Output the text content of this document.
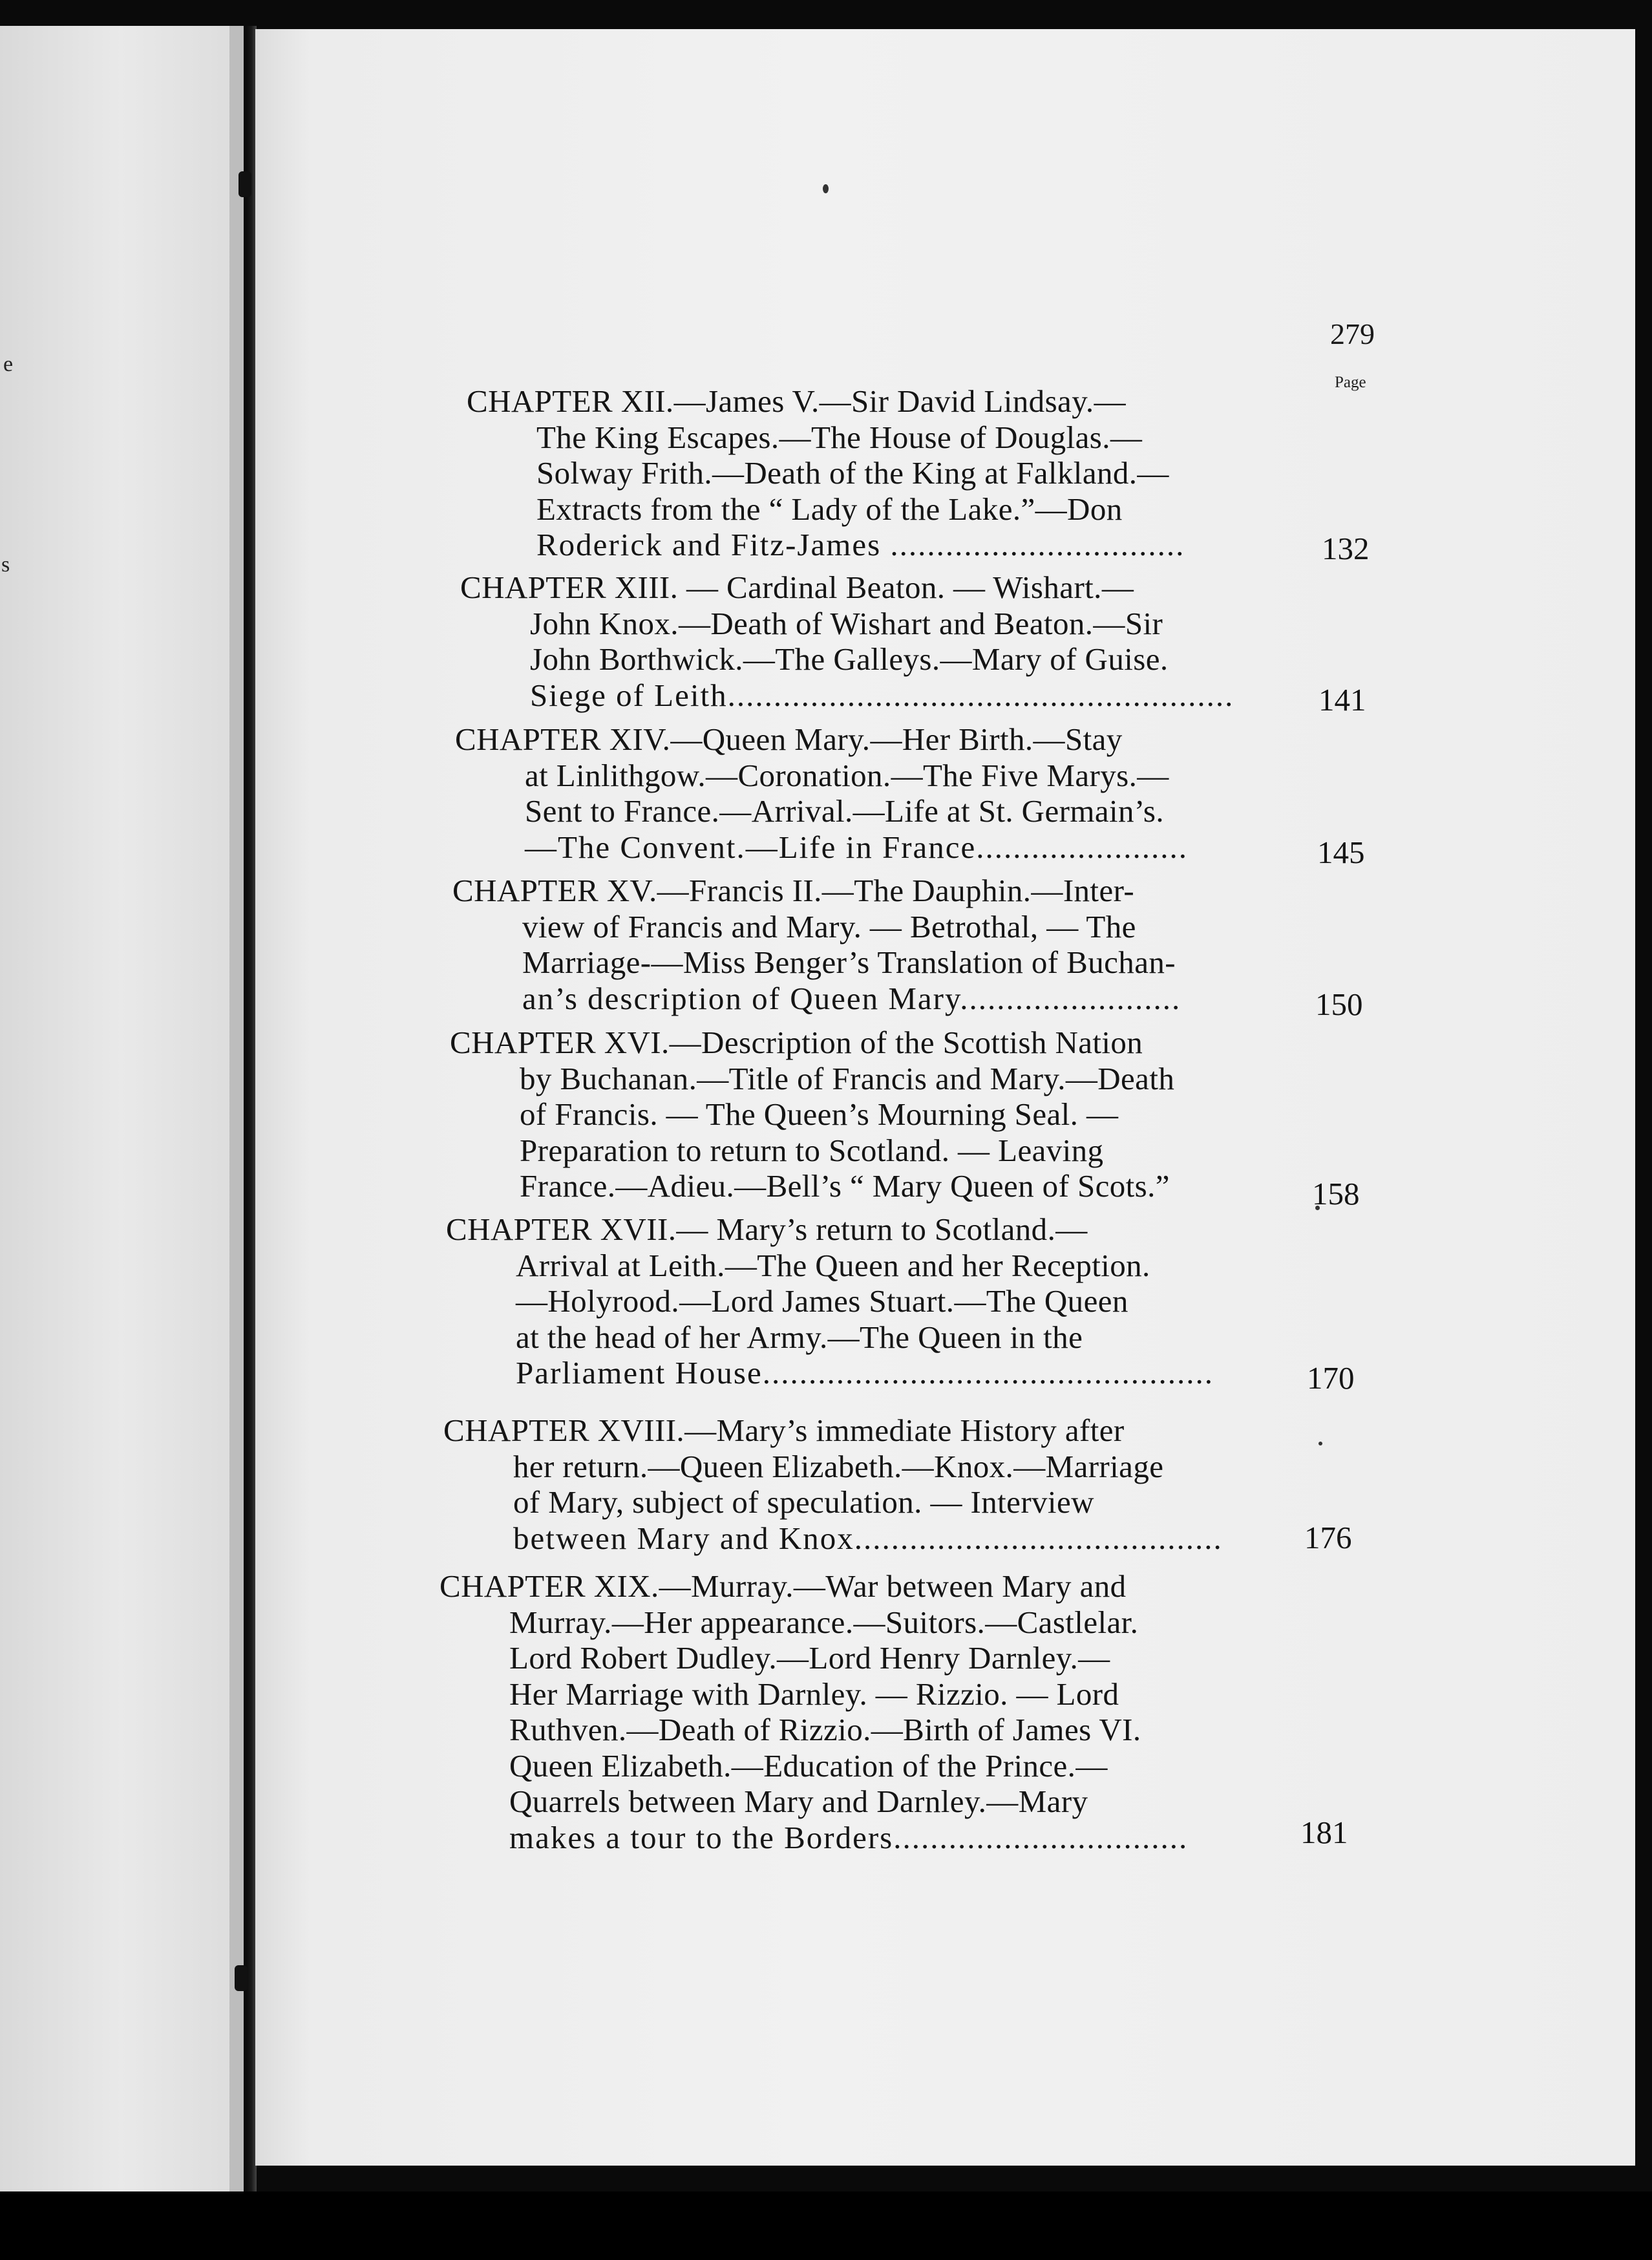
e
s
279
Page
CHAPTER XII.—James V.—Sir David Lindsay.—
The King Escapes.—The House of Douglas.—
Solway Frith.—Death of the King at Falkland.—
Extracts from the “ Lady of the Lake.”—Don
Roderick and Fitz-James ................................	132
CHAPTER XIII. — Cardinal Beaton. — Wishart.—
John Knox.—Death of Wishart and Beaton.—Sir
John Borthwick.—The Galleys.—Mary of Guise.
Siege of Leith.......................................................	141
CHAPTER XIV.—Queen Mary.—Her Birth.—Stay
at Linlithgow.—Coronation.—The Five Marys.—
Sent to France.—Arrival.—Life at St. Germain’s.
—The Convent.—Life in France.......................	145
CHAPTER XV.—Francis II.—The Dauphin.—Inter-
view of Francis and Mary. — Betrothal, — The
Marriage-—Miss Benger’s Translation of Buchan-
an’s description of Queen Mary........................	150
CHAPTER XVI.—Description of the Scottish Nation
by Buchanan.—Title of Francis and Mary.—Death
of Francis. — The Queen’s Mourning Seal. —
Preparation to return to Scotland. — Leaving
France.—Adieu.—Bell’s “ Mary Queen of Scots.”	158
CHAPTER XVII.— Mary’s return to Scotland.—
Arrival at Leith.—The Queen and her Reception.
—Holyrood.—Lord James Stuart.—The Queen
at the head of her Army.—The Queen in the
Parliament House.................................................	170
CHAPTER XVIII.—Mary’s immediate History after
her return.—Queen Elizabeth.—Knox.—Marriage
of Mary, subject of speculation. — Interview
between Mary and Knox........................................	176
CHAPTER XIX.—Murray.—War between Mary and
Murray.—Her appearance.—Suitors.—Castlelar.
Lord Robert Dudley.—Lord Henry Darnley.—
Her Marriage with Darnley. — Rizzio. — Lord
Ruthven.—Death of Rizzio.—Birth of James VI.
Queen Elizabeth.—Education of the Prince.—
Quarrels between Mary and Darnley.—Mary
makes a tour to the Borders................................	181
